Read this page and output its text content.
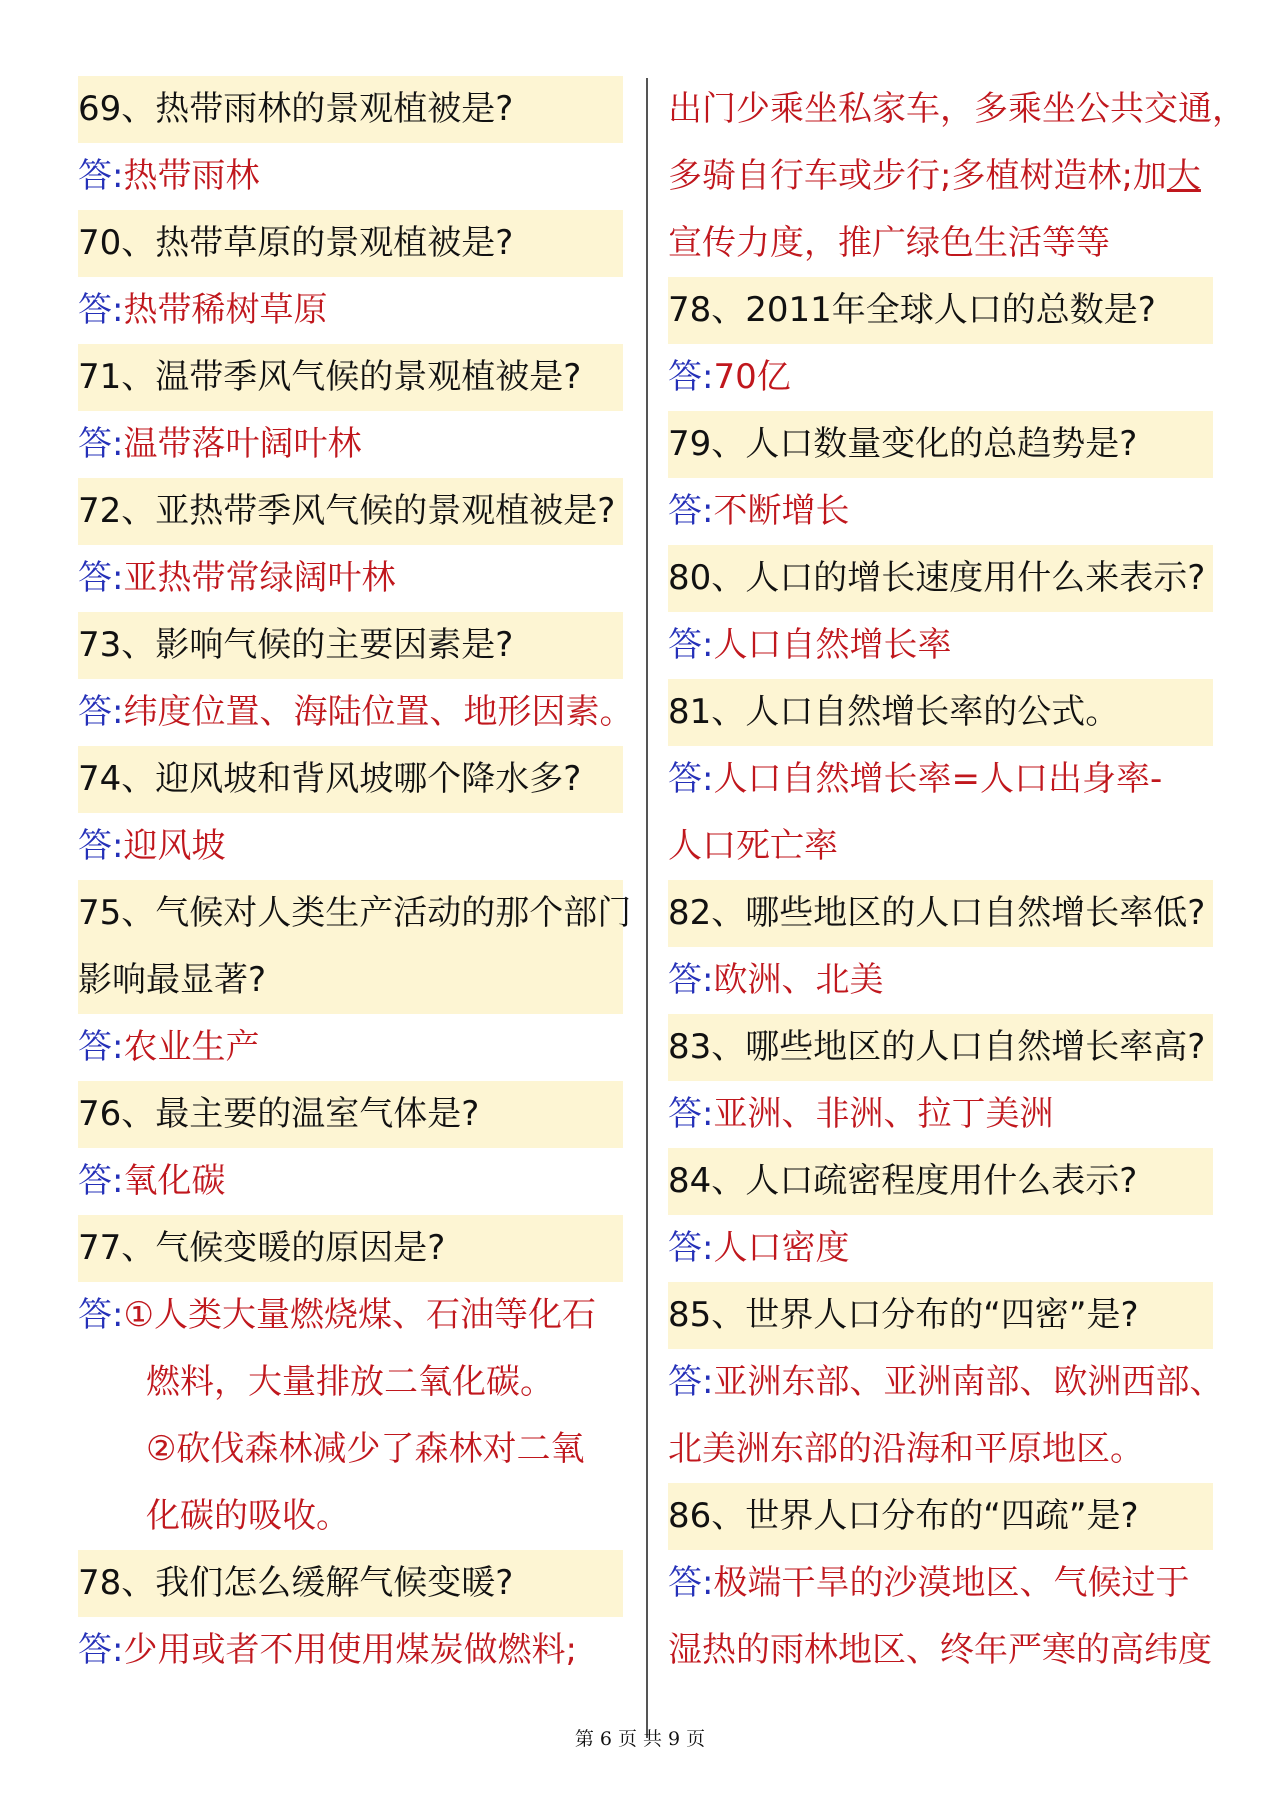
69、热带雨林的景观植被是?
答:热带雨林
70、热带草原的景观植被是?
答:热带稀树草原
71、温带季风气候的景观植被是?
答:温带落叶阔叶林
72、亚热带季风气候的景观植被是?
答:亚热带常绿阔叶林
73、影响气候的主要因素是?
答:纬度位置、海陆位置、地形因素。
74、迎风坡和背风坡哪个降水多?
答:迎风坡
75、气候对人类生产活动的那个部门
影响最显著?
答:农业生产
76、最主要的温室气体是?
答:氧化碳
77、气候变暖的原因是?
答:①人类大量燃烧煤、石油等化石
燃料，大量排放二氧化碳。
②砍伐森林减少了森林对二氧
化碳的吸收。
78、我们怎么缓解气候变暖?
答:少用或者不用使用煤炭做燃料;
出门少乘坐私家车，多乘坐公共交通，
多骑自行车或步行;多植树造林;加大
宣传力度，推广绿色生活等等
78、2011年全球人口的总数是?
答:70亿
79、人口数量变化的总趋势是?
答:不断增长
80、人口的增长速度用什么来表示?
答:人口自然增长率
81、人口自然增长率的公式。
答:人口自然增长率=人口出身率-
人口死亡率
82、哪些地区的人口自然增长率低?
答:欧洲、北美
83、哪些地区的人口自然增长率高?
答:亚洲、非洲、拉丁美洲
84、人口疏密程度用什么表示?
答:人口密度
85、世界人口分布的“四密”是?
答:亚洲东部、亚洲南部、欧洲西部、
北美洲东部的沿海和平原地区。
86、世界人口分布的“四疏”是?
答:极端干旱的沙漠地区、气候过于
湿热的雨林地区、终年严寒的高纬度
第 6 页 共 9 页
